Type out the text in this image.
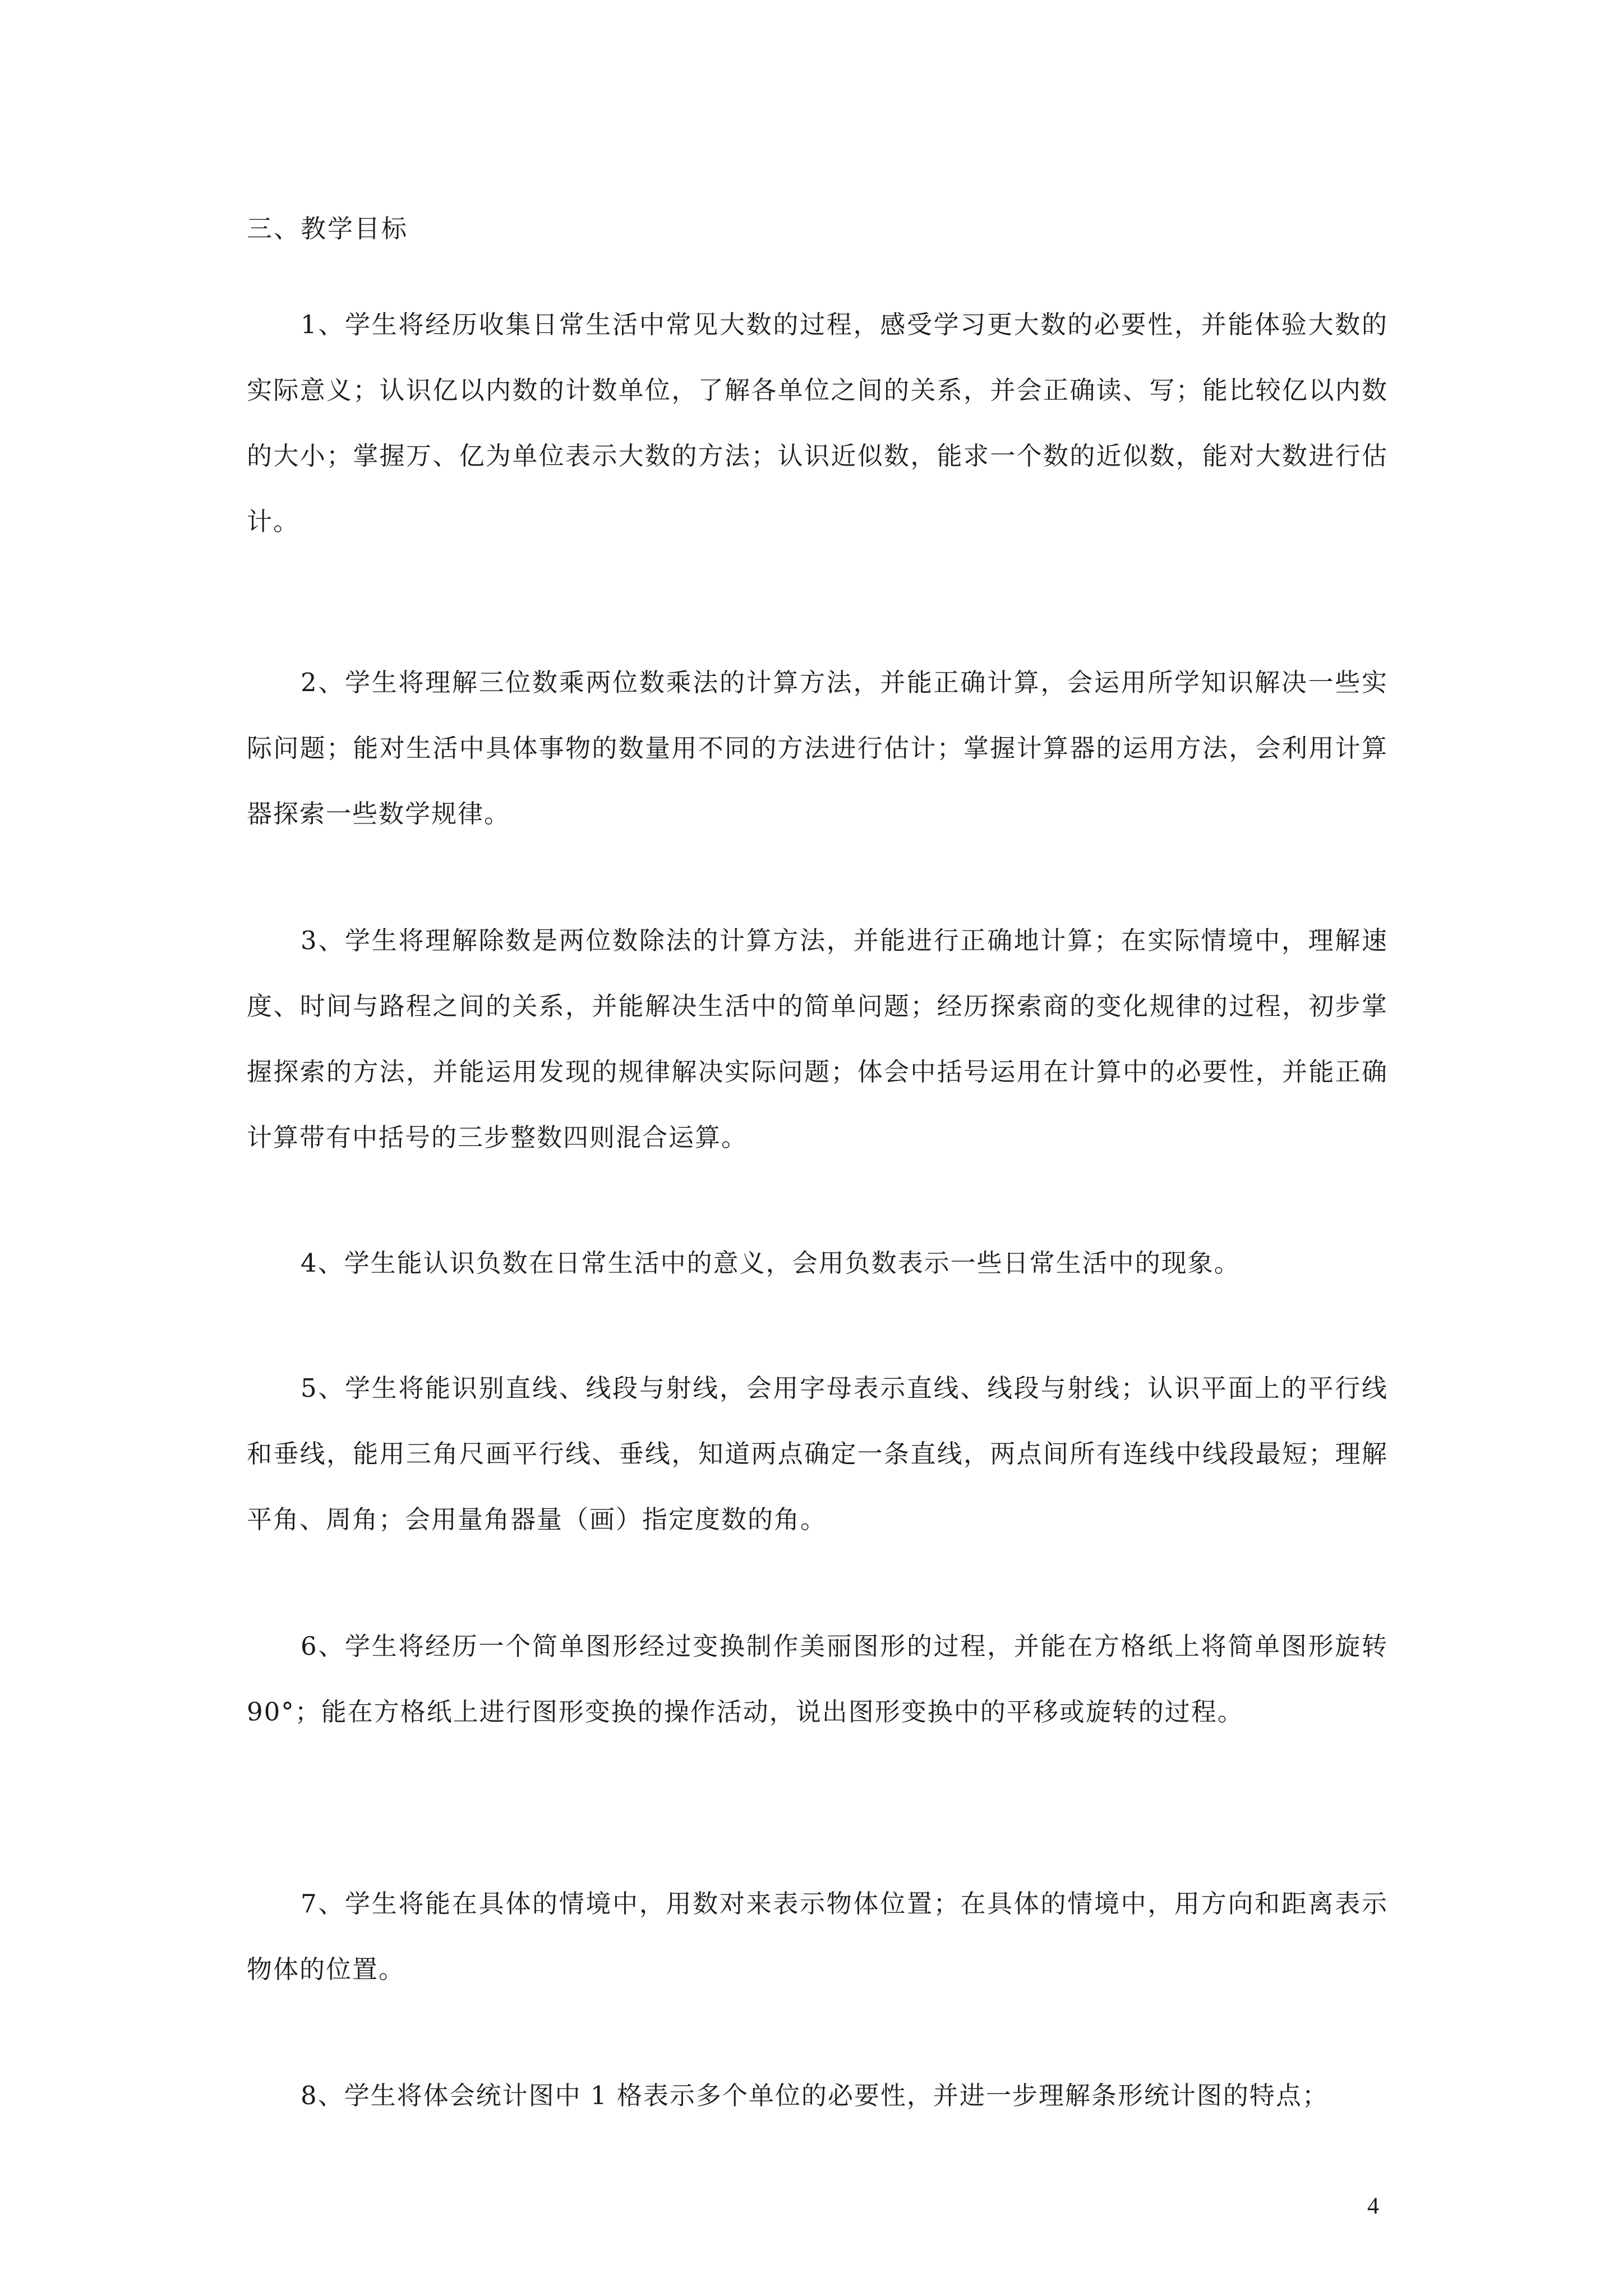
三、教学目标

1、学生将经历收集日常生活中常见大数的过程，感受学习更大数的必要性，并能体验大数的实际意义；认识亿以内数的计数单位，了解各单位之间的关系，并会正确读、写；能比较亿以内数的大小；掌握万、亿为单位表示大数的方法；认识近似数，能求一个数的近似数，能对大数进行估计。

2、学生将理解三位数乘两位数乘法的计算方法，并能正确计算，会运用所学知识解决一些实际问题；能对生活中具体事物的数量用不同的方法进行估计；掌握计算器的运用方法，会利用计算器探索一些数学规律。

3、学生将理解除数是两位数除法的计算方法，并能进行正确地计算；在实际情境中，理解速度、时间与路程之间的关系，并能解决生活中的简单问题；经历探索商的变化规律的过程，初步掌握探索的方法，并能运用发现的规律解决实际问题；体会中括号运用在计算中的必要性，并能正确计算带有中括号的三步整数四则混合运算。

4、学生能认识负数在日常生活中的意义，会用负数表示一些日常生活中的现象。

5、学生将能识别直线、线段与射线，会用字母表示直线、线段与射线；认识平面上的平行线和垂线，能用三角尺画平行线、垂线，知道两点确定一条直线，两点间所有连线中线段最短；理解平角、周角；会用量角器量（画）指定度数的角。

6、学生将经历一个简单图形经过变换制作美丽图形的过程，并能在方格纸上将简单图形旋转 90°；能在方格纸上进行图形变换的操作活动，说出图形变换中的平移或旋转的过程。

7、学生将能在具体的情境中，用数对来表示物体位置；在具体的情境中，用方向和距离表示物体的位置。

8、学生将体会统计图中 1 格表示多个单位的必要性，并进一步理解条形统计图的特点；

4
